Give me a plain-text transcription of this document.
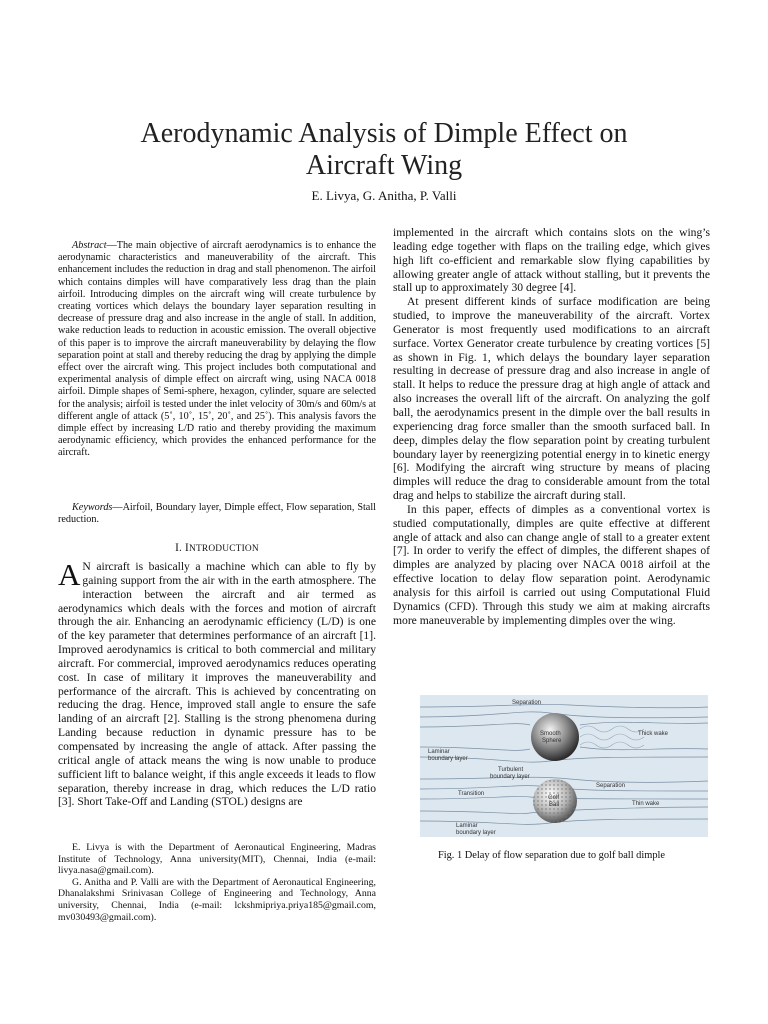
Aerodynamic Analysis of Dimple Effect on
Aircraft Wing
E. Livya, G. Anitha, P. Valli

Abstract—The main objective of aircraft aerodynamics is to enhance the aerodynamic characteristics and maneuverability of the aircraft. This enhancement includes the reduction in drag and stall phenomenon. The airfoil which contains dimples will have comparatively less drag than the plain airfoil. Introducing dimples on the aircraft wing will create turbulence by creating vortices which delays the boundary layer separation resulting in decrease of pressure drag and also increase in the angle of stall. In addition, wake reduction leads to reduction in acoustic emission. The overall objective of this paper is to improve the aircraft maneuverability by delaying the flow separation point at stall and thereby reducing the drag by applying the dimple effect over the aircraft wing. This project includes both computational and experimental analysis of dimple effect on aircraft wing, using NACA 0018 airfoil. Dimple shapes of Semi-sphere, hexagon, cylinder, square are selected for the analysis; airfoil is tested under the inlet velocity of 30m/s and 60m/s at different angle of attack (5˚, 10˚, 15˚, 20˚, and 25˚). This analysis favors the dimple effect by increasing L/D ratio and thereby providing the maximum aerodynamic efficiency, which provides the enhanced performance for the aircraft.

Keywords—Airfoil, Boundary layer, Dimple effect, Flow separation, Stall reduction.

I. INTRODUCTION
A N aircraft is basically a machine which can able to fly by gaining support from the air with in the earth atmosphere. The interaction between the aircraft and air termed as aerodynamics which deals with the forces and motion of aircraft through the air. Enhancing an aerodynamic efficiency (L/D) is one of the key parameter that determines performance of an aircraft [1]. Improved aerodynamics is critical to both commercial and military aircraft. For commercial, improved aerodynamics reduces operating cost. In case of military it improves the maneuverability and performance of the aircraft. This is achieved by concentrating on reducing the drag. Hence, improved stall angle to ensure the safe landing of an aircraft [2]. Stalling is the strong phenomena during Landing because reduction in dynamic pressure has to be compensated by increasing the angle of attack. After passing the critical angle of attack means the wing is now unable to produce sufficient lift to balance weight, if this angle exceeds it leads to flow separation, thereby increase in drag, which reduces the L/D ratio [3]. Short Take-Off and Landing (STOL) designs are

E. Livya is with the Department of Aeronautical Engineering, Madras Institute of Technology, Anna university(MIT), Chennai, India (e-mail: livya.nasa@gmail.com).

G. Anitha and P. Valli are with the Department of Aeronautical Engineering, Dhanalakshmi Srinivasan College of Engineering and Technology, Anna university, Chennai, India (e-mail: lckshmipriya.priya185@gmail.com, mv030493@gmail.com).

implemented in the aircraft which contains slots on the wing’s leading edge together with flaps on the trailing edge, which gives high lift co-efficient and remarkable slow flying capabilities by allowing greater angle of attack without stalling, but it prevents the stall up to approximately 30 degree [4].

At present different kinds of surface modification are being studied, to improve the maneuverability of the aircraft. Vortex Generator is most frequently used modifications to an aircraft surface. Vortex Generator create turbulence by creating vortices [5] as shown in Fig. 1, which delays the boundary layer separation resulting in decrease of pressure drag and also increase in angle of stall. It helps to reduce the pressure drag at high angle of attack and also increases the overall lift of the aircraft. On analyzing the golf ball, the aerodynamics present in the dimple over the ball results in experiencing drag force smaller than the smooth surfaced ball. In deep, dimples delay the flow separation point by creating turbulent boundary layer by reenergizing potential energy in to kinetic energy [6]. Modifying the aircraft wing structure by means of placing dimples will reduce the drag to considerable amount from the total drag and helps to stabilize the aircraft during stall.

In this paper, effects of dimples as a conventional vortex is studied computationally, dimples are quite effective at different angle of attack and also can change angle of stall to a greater extent [7]. In order to verify the effect of dimples, the different shapes of dimples are analyzed by placing over NACA 0018 airfoil at the effective location to delay flow separation point. Aerodynamic analysis for this airfoil is carried out using Computational Fluid Dynamics (CFD). Through this study we aim at making aircrafts more maneuverable by implementing dimples over the wing.

Separation
Smooth
Sphere
Thick wake
Laminar
boundary layer
Turbulent
boundary layer
Transition
Separation
Golf
Ball	Thin wake
Laminar
boundary layer
Fig. 1 Delay of flow separation due to golf ball dimple
